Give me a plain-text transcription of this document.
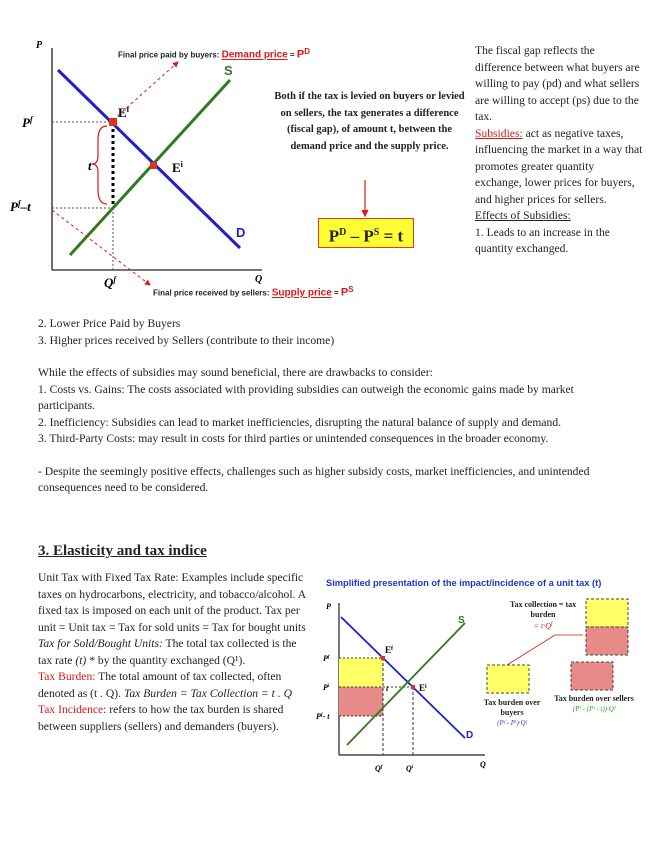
P
Q
$P^f$
$P^f-t$
t
$Q^f$
$E^f$
$E^i$
S
D
Final price paid by buyers: Demand price = $P^D$
Final price received by sellers: Supply price = $P^S$
Both if the tax is levied on buyers or levied on sellers, the tax generates a difference (fiscal gap), of amount t, between the demand price and the supply price.
$P^D - P^S = t$

The fiscal gap reflects the difference between what buyers are willing to pay (pd) and what sellers are willing to accept (ps) due to the tax.

Subsidies: act as negative taxes, influencing the market in a way that promotes greater quantity exchange, lower prices for buyers, and higher prices for sellers.

Effects of Subsidies:

1. Leads to an increase in the quantity exchanged.

2. Lower Price Paid by Buyers

3. Higher prices received by Sellers (contribute to their income)

While the effects of subsidies may sound beneficial, there are drawbacks to consider:

1. Costs vs. Gains: The costs associated with providing subsidies can outweigh the economic gains made by market participants.

2. Inefficiency: Subsidies can lead to market inefficiencies, disrupting the natural balance of supply and demand.

3. Third-Party Costs: may result in costs for third parties or unintended consequences in the broader economy.

- Despite the seemingly positive effects, challenges such as higher subsidy costs, market inefficiencies, and unintended consequences need to be considered.

3. Elasticity and tax indice

Unit Tax with Fixed Tax Rate: Examples include specific taxes on hydrocarbons, electricity, and tobacco/alcohol. A fixed tax is imposed on each unit of the product. Tax per unit = Unit tax = Tax for sold units = Tax for bought units

Tax for Sold/Bought Units: The total tax collected is the tax rate (t) * by the quantity exchanged (Q¹).

Tax Burden: The total amount of tax collected, often denoted as (t . Q). Tax Burden = Tax Collection = t . Q Tax Incidence: refers to how the tax burden is shared between suppliers (sellers) and demanders (buyers).

Simplified presentation of the impact/incidence of a unit tax (t)
P
Q
$P^f$
$P^i$
$P^f-$ t
t
$Q^f$	$Q^i$
$E^f$
$E^i$
S
D
Tax collection = tax burden
= $t\cdot Q^f$
Tax burden over buyers
(Pᶠ - Pⁱ)·Qᶠ
Tax burden over sellers
(Pⁱ - (Pᶠ - t))·Qᶠ
